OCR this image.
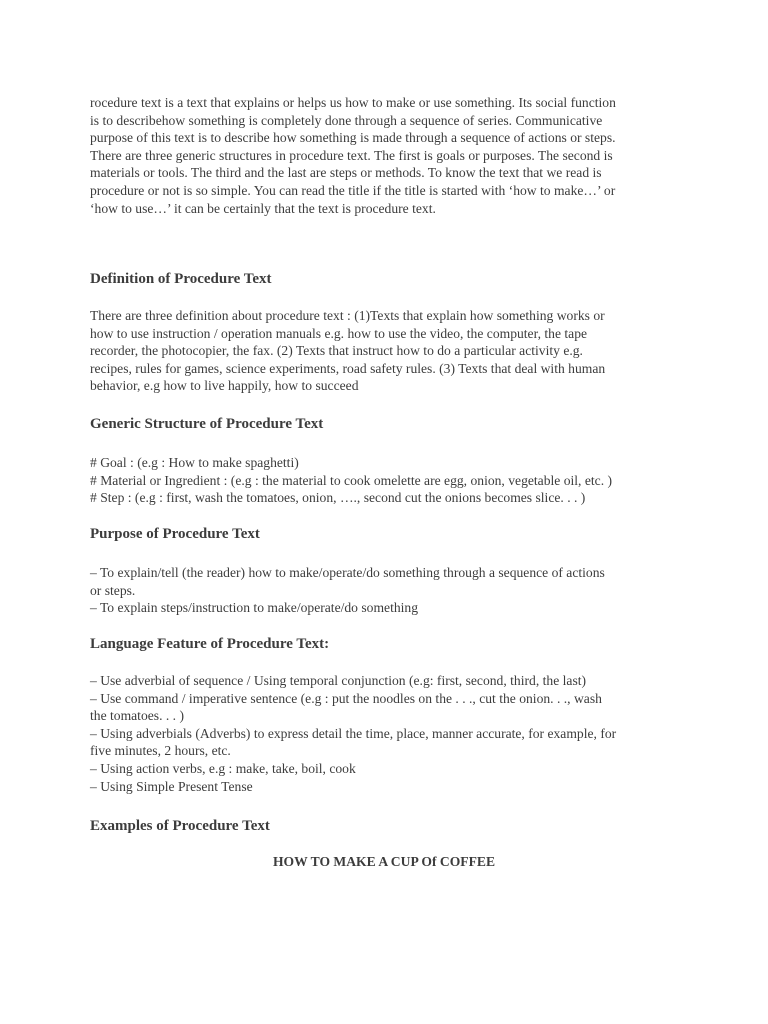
rocedure text is a text that explains or helps us how to make or use something. Its social function
is to describehow something is completely done through a sequence of series. Communicative
purpose of this text is to describe how something is made through a sequence of actions or steps.
There are three generic structures in procedure text. The first is goals or purposes. The second is
materials or tools. The third and the last are steps or methods. To know the text that we read is
procedure or not is so simple. You can read the title if the title is started with ‘how to make…’ or
‘how to use…’ it can be certainly that the text is procedure text.

Definition of Procedure Text

There are three definition about procedure text : (1)Texts that explain how something works or
how to use instruction / operation manuals e.g. how to use the video, the computer, the tape
recorder, the photocopier, the fax. (2) Texts that instruct how to do a particular activity e.g.
recipes, rules for games, science experiments, road safety rules. (3) Texts that deal with human
behavior, e.g how to live happily, how to succeed

Generic Structure of Procedure Text

# Goal : (e.g : How to make spaghetti)
# Material or Ingredient : (e.g : the material to cook omelette are egg, onion, vegetable oil, etc. )
# Step : (e.g : first, wash the tomatoes, onion, …., second cut the onions becomes slice. . . )

Purpose of Procedure Text

– To explain/tell (the reader) how to make/operate/do something through a sequence of actions
or steps.
– To explain steps/instruction to make/operate/do something

Language Feature of Procedure Text:

– Use adverbial of sequence / Using temporal conjunction (e.g: first, second, third, the last)
– Use command / imperative sentence (e.g : put the noodles on the . . ., cut the onion. . ., wash
the tomatoes. . . )
– Using adverbials (Adverbs) to express detail the time, place, manner accurate, for example, for
five minutes, 2 hours, etc.
– Using action verbs, e.g : make, take, boil, cook
– Using Simple Present Tense

Examples of Procedure Text
HOW TO MAKE A CUP Of COFFEE
